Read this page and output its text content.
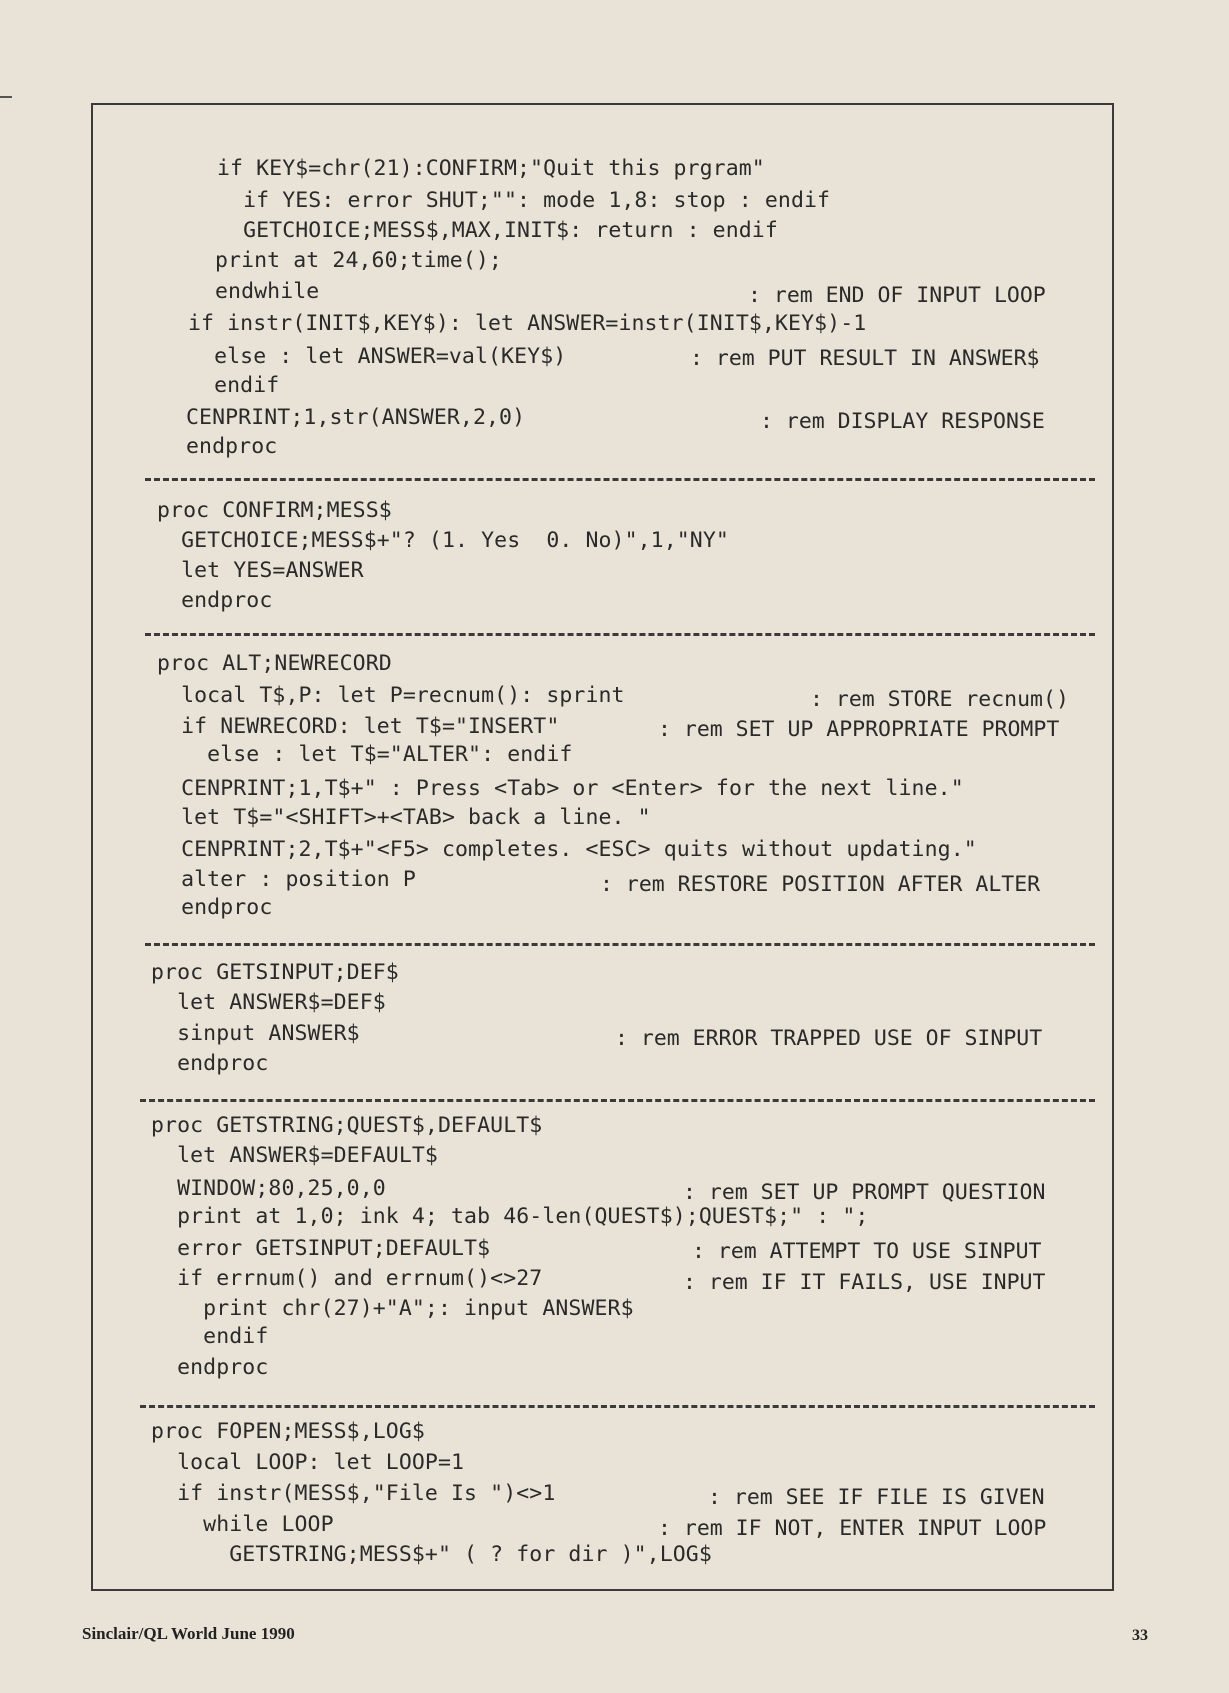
if KEY$=chr(21):CONFIRM;"Quit this prgram"
if YES: error SHUT;"": mode 1,8: stop : endif
GETCHOICE;MESS$,MAX,INIT$: return : endif
print at 24,60;time();
endwhile	: rem END OF INPUT LOOP
if instr(INIT$,KEY$): let ANSWER=instr(INIT$,KEY$)-1
else : let ANSWER=val(KEY$)	: rem PUT RESULT IN ANSWER$
endif
CENPRINT;1,str(ANSWER,2,0)	: rem DISPLAY RESPONSE
endproc
proc CONFIRM;MESS$
GETCHOICE;MESS$+"? (1. Yes  0. No)",1,"NY"
let YES=ANSWER
endproc
proc ALT;NEWRECORD
local T$,P: let P=recnum(): sprint	: rem STORE recnum()
if NEWRECORD: let T$="INSERT"	: rem SET UP APPROPRIATE PROMPT
else : let T$="ALTER": endif
CENPRINT;1,T$+" : Press <Tab> or <Enter> for the next line."
let T$="<SHIFT>+<TAB> back a line. "
CENPRINT;2,T$+"<F5> completes. <ESC> quits without updating."
alter : position P	: rem RESTORE POSITION AFTER ALTER
endproc
proc GETSINPUT;DEF$
let ANSWER$=DEF$
sinput ANSWER$	: rem ERROR TRAPPED USE OF SINPUT
endproc
proc GETSTRING;QUEST$,DEFAULT$
let ANSWER$=DEFAULT$
WINDOW;80,25,0,0	: rem SET UP PROMPT QUESTION
print at 1,0; ink 4; tab 46-len(QUEST$);QUEST$;" : ";
error GETSINPUT;DEFAULT$	: rem ATTEMPT TO USE SINPUT
if errnum() and errnum()<>27	: rem IF IT FAILS, USE INPUT
print chr(27)+"A";: input ANSWER$
endif
endproc
proc FOPEN;MESS$,LOG$
local LOOP: let LOOP=1
if instr(MESS$,"File Is ")<>1	: rem SEE IF FILE IS GIVEN
while LOOP	: rem IF NOT, ENTER INPUT LOOP
GETSTRING;MESS$+" ( ? for dir )",LOG$
Sinclair/QL World June 1990	33
